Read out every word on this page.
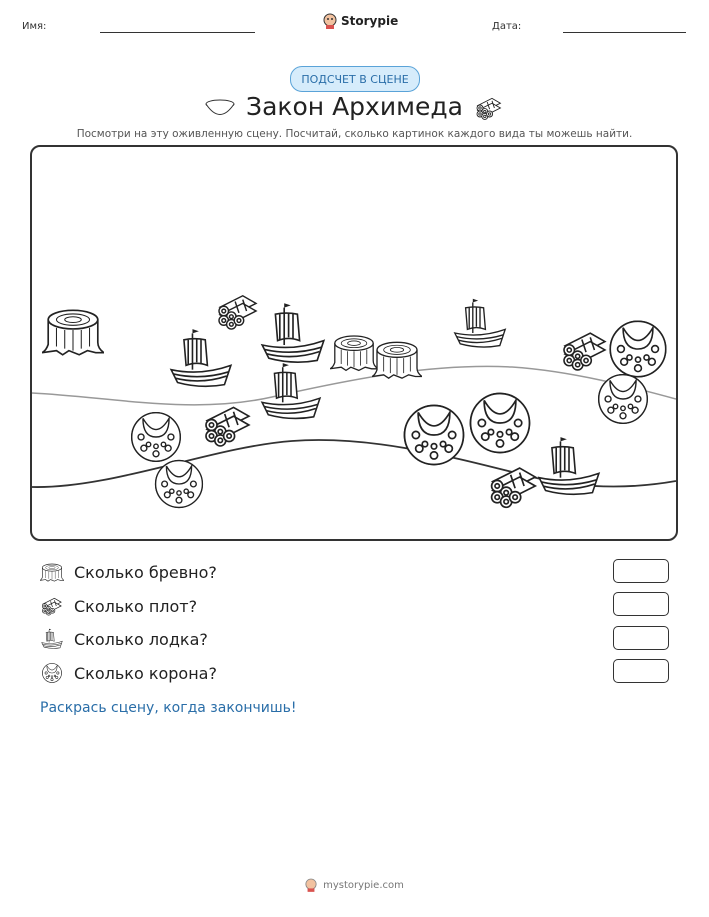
Имя:	Storypie	Дата:
ПОДСЧЕТ В СЦЕНЕ
Закон Архимеда
Посмотри на эту оживленную сцену. Посчитай, сколько картинок каждого вида ты можешь найти.
Сколько бревно?
Сколько плот?
Сколько лодка?
Сколько корона?
Раскрась сцену, когда закончишь!
mystorypie.com
